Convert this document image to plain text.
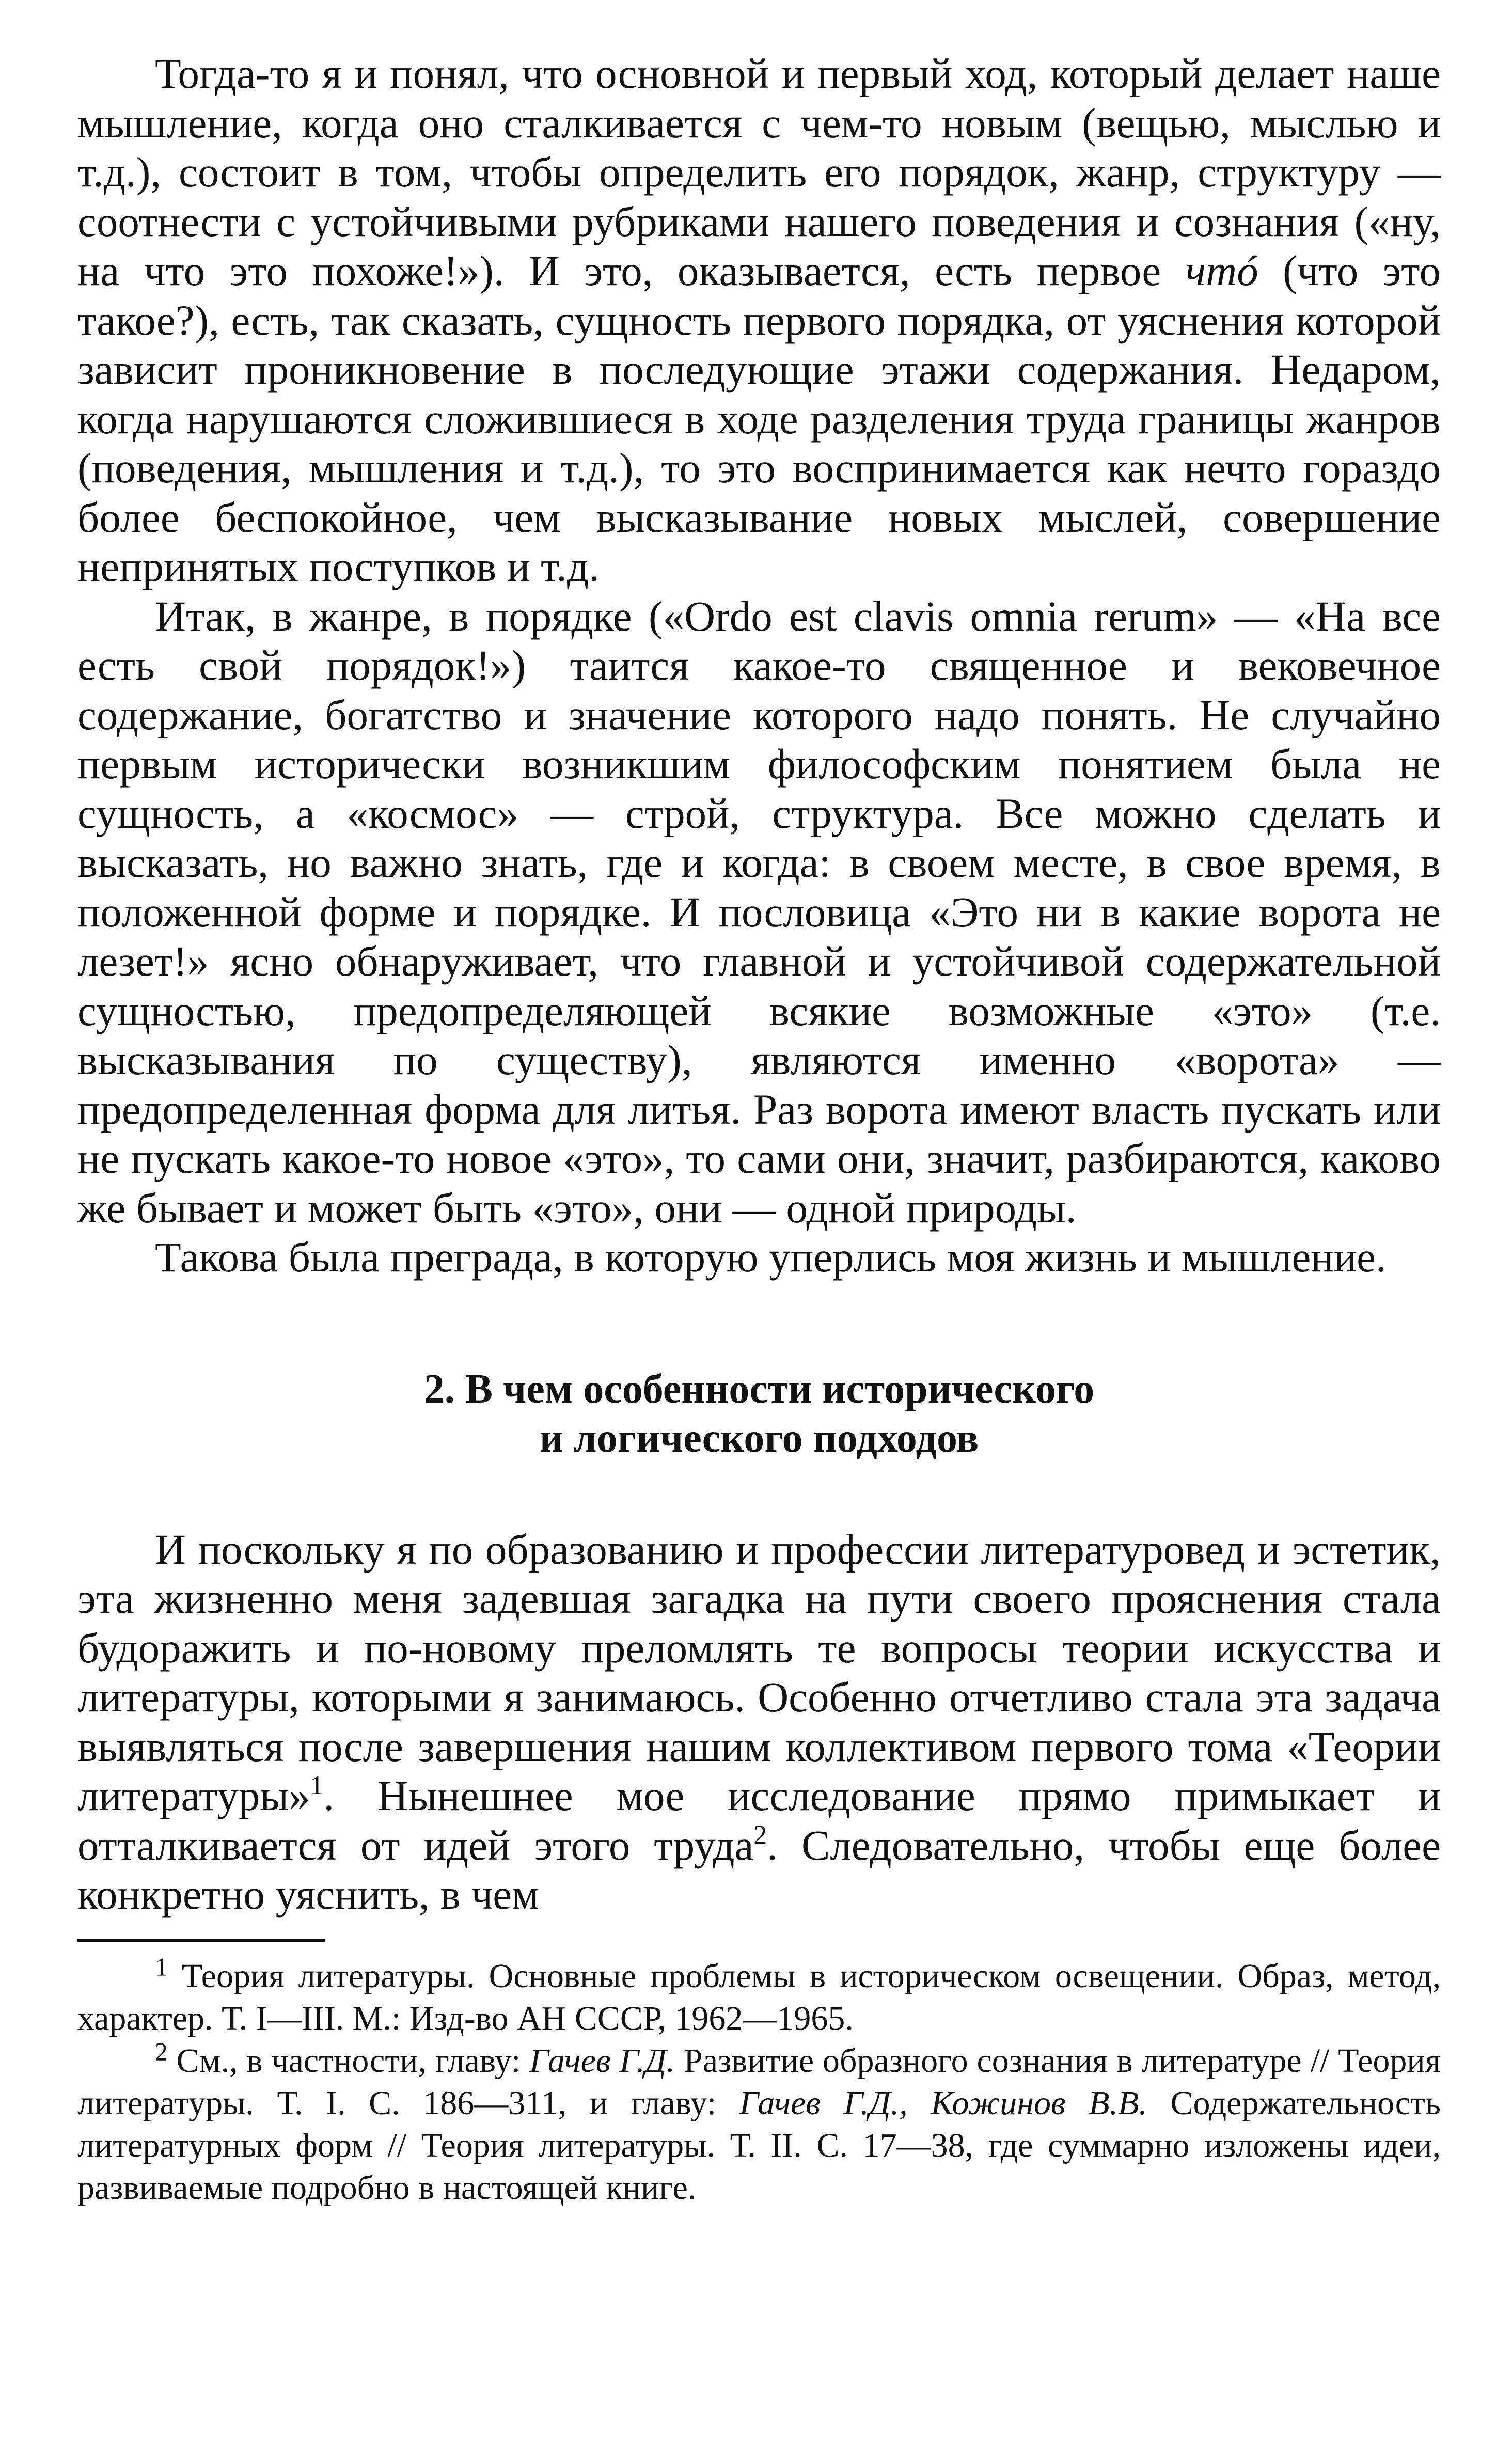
Тогда-то я и понял, что основной и первый ход, который делает наше мышление, когда оно сталкивается с чем-то новым (вещью, мыслью и т.д.), состоит в том, чтобы определить его порядок, жанр, структуру — соотнести с устойчивыми рубриками нашего поведения и сознания («ну, на что это похоже!»). И это, оказывается, есть первое чтó (что это такое?), есть, так сказать, сущность первого порядка, от уяснения которой зависит проникновение в последующие этажи содержания. Недаром, когда нарушаются сложившиеся в ходе разделения труда границы жанров (поведения, мышления и т.д.), то это воспринимается как нечто гораздо более беспокойное, чем высказывание новых мыслей, совершение непринятых поступков и т.д.

Итак, в жанре, в порядке («Ordo est clavis omnia rerum» — «На все есть свой порядок!») таится какое-то священное и вековечное содержание, богатство и значение которого надо понять. Не случайно первым исторически возникшим философским понятием была не сущность, а «космос» — строй, структура. Все можно сделать и высказать, но важно знать, где и когда: в своем месте, в свое время, в положенной форме и порядке. И пословица «Это ни в какие ворота не лезет!» ясно обнаруживает, что главной и устойчивой содержательной сущностью, предопределяющей всякие возможные «это» (т.е. высказывания по существу), являются именно «ворота» — предопределенная форма для литья. Раз ворота имеют власть пускать или не пускать какое-то новое «это», то сами они, значит, разбираются, каково же бывает и может быть «это», они — одной природы.

Такова была преграда, в которую уперлись моя жизнь и мышление.

2. В чем особенности исторического
и логического подходов

И поскольку я по образованию и профессии литературовед и эстетик, эта жизненно меня задевшая загадка на пути своего прояснения стала будоражить и по-новому преломлять те вопросы теории искусства и литературы, которыми я занимаюсь. Особенно отчетливо стала эта задача выявляться после завершения нашим коллективом первого тома «Теории литературы»$^1$. Нынешнее мое исследование прямо примыкает и отталкивается от идей этого труда$^2$. Следовательно, чтобы еще более конкретно уяснить, в чем

$^1$ Теория литературы. Основные проблемы в историческом освещении. Образ, метод, характер. Т. I—III. М.: Изд-во АН СССР, 1962—1965.

$^2$ См., в частности, главу: Гачев Г.Д. Развитие образного сознания в литературе // Теория литературы. Т. I. С. 186—311, и главу: Гачев Г.Д., Кожинов В.В. Содержательность литературных форм // Теория литературы. Т. II. С. 17—38, где суммарно изложены идеи, развиваемые подробно в настоящей книге.
